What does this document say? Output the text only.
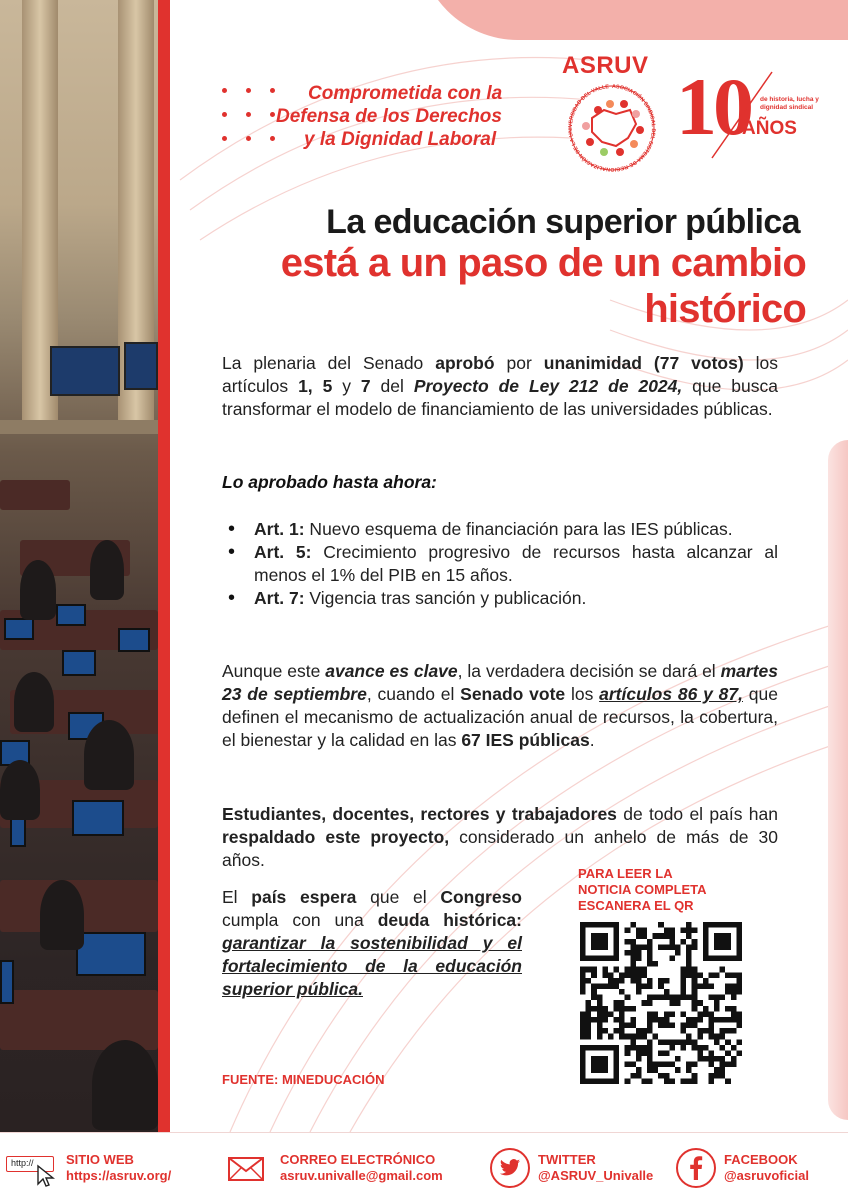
Comprometida con la
Defensa de los Derechos
y la Dignidad Laboral
ASRUV
ASOCIACIÓN SINDICAL DEL SISTEMA DE REGIONALIZACIÓN DE LA UNIVERSIDAD DEL VALLE 10 de historia, lucha y dignidad sindical
AÑOS
La educación superior pública
está a un paso de un cambio
histórico
La plenaria del Senado aprobó por unanimidad (77 votos) los artículos 1, 5 y 7 del Proyecto de Ley 212 de 2024, que busca transformar el modelo de financiamiento de las universidades públicas.
Lo aprobado hasta ahora:
• Art. 1: Nuevo esquema de financiación para las IES públicas.
• Art. 5: Crecimiento progresivo de recursos hasta alcanzar al menos el 1% del PIB en 15 años.
• Art. 7: Vigencia tras sanción y publicación.
Aunque este avance es clave, la verdadera decisión se dará el martes 23 de septiembre, cuando el Senado vote los artículos 86 y 87, que definen el mecanismo de actualización anual de recursos, la cobertura, el bienestar y la calidad en las 67 IES públicas.
Estudiantes, docentes, rectores y trabajadores de todo el país han respaldado este proyecto, considerado un anhelo de más de 30 años.
El país espera que el Congreso cumpla con una deuda histórica: garantizar la sostenibilidad y el fortalecimiento de la educación superior pública.
FUENTE: MINEDUCACIÓN
PARA LEER LA
NOTICIA COMPLETA
ESCANERA EL QR
http://	SITIO WEB
https://asruv.org/
CORREO ELECTRÓNICO
asruv.univalle@gmail.com
TWITTER
@ASRUV_Univalle
FACEBOOK
@asruvoficial
